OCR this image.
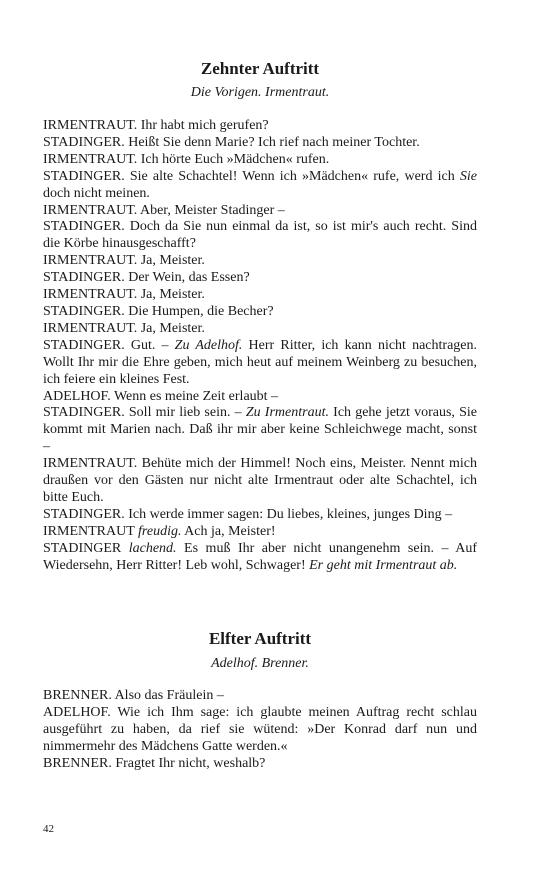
Zehnter Auftritt

Die Vorigen. Irmentraut.

IRMENTRAUT. Ihr habt mich gerufen?

STADINGER. Heißt Sie denn Marie? Ich rief nach meiner Tochter.

IRMENTRAUT. Ich hörte Euch »Mädchen« rufen.

STADINGER. Sie alte Schachtel! Wenn ich »Mädchen« rufe, werd ich Sie doch nicht meinen.

IRMENTRAUT. Aber, Meister Stadinger –

STADINGER. Doch da Sie nun einmal da ist, so ist mir's auch recht. Sind die Körbe hinausgeschafft?

IRMENTRAUT. Ja, Meister.

STADINGER. Der Wein, das Essen?

IRMENTRAUT. Ja, Meister.

STADINGER. Die Humpen, die Becher?

IRMENTRAUT. Ja, Meister.

STADINGER. Gut. – Zu Adelhof. Herr Ritter, ich kann nicht nachtragen. Wollt Ihr mir die Ehre geben, mich heut auf meinem Weinberg zu besuchen, ich feiere ein kleines Fest.

ADELHOF. Wenn es meine Zeit erlaubt –

STADINGER. Soll mir lieb sein. – Zu Irmentraut. Ich gehe jetzt voraus, Sie kommt mit Marien nach. Daß ihr mir aber keine Schleichwege macht, sonst –

IRMENTRAUT. Behüte mich der Himmel! Noch eins, Meister. Nennt mich draußen vor den Gästen nur nicht alte Irmentraut oder alte Schachtel, ich bitte Euch.

STADINGER. Ich werde immer sagen: Du liebes, kleines, junges Ding –

IRMENTRAUT freudig. Ach ja, Meister!

STADINGER lachend. Es muß Ihr aber nicht unangenehm sein. – Auf Wiedersehn, Herr Ritter! Leb wohl, Schwager! Er geht mit Irmentraut ab.

Elfter Auftritt

Adelhof. Brenner.

BRENNER. Also das Fräulein –

ADELHOF. Wie ich Ihm sage: ich glaubte meinen Auftrag recht schlau ausgeführt zu haben, da rief sie wütend: »Der Konrad darf nun und nimmermehr des Mädchens Gatte werden.«

BRENNER. Fragtet Ihr nicht, weshalb?

42
